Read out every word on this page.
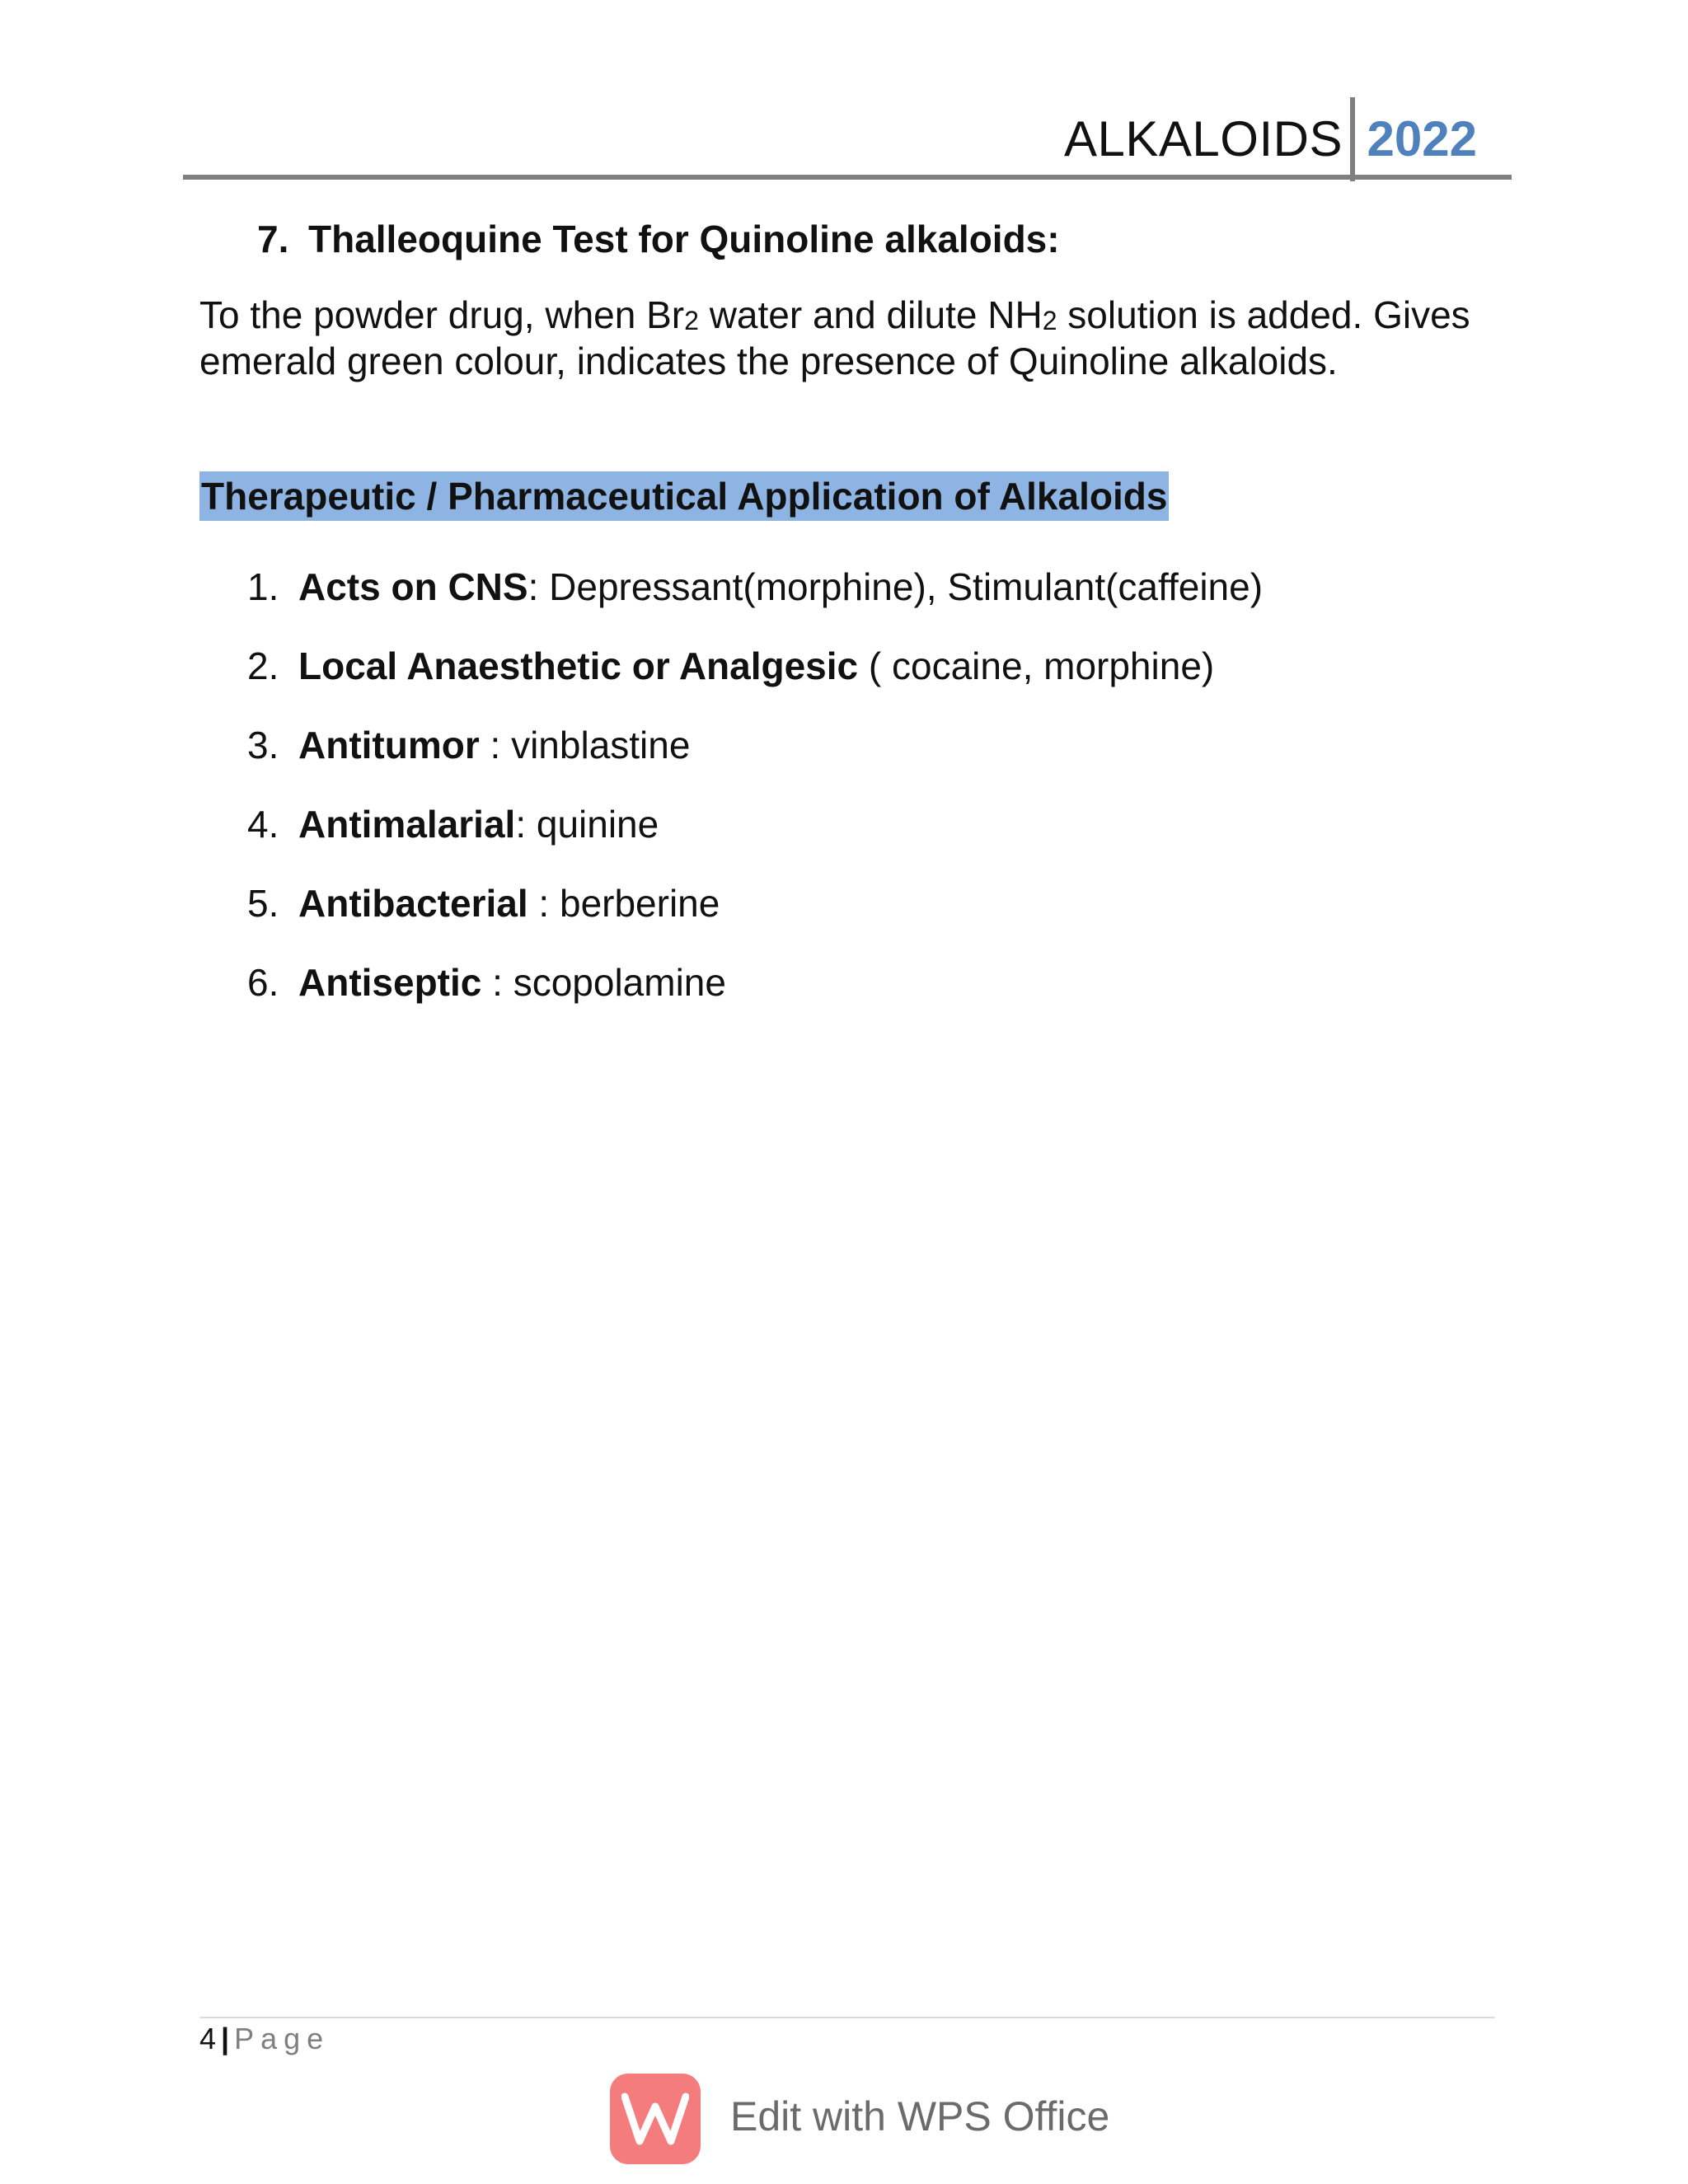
ALKALOIDS 2022
7. Thalleoquine Test for Quinoline alkaloids:
To the powder drug, when $Br_2$ water and dilute $NH_2$ solution is added. Gives emerald green colour, indicates the presence of Quinoline alkaloids.
Therapeutic / Pharmaceutical Application of Alkaloids
1. Acts on CNS: Depressant(morphine), Stimulant(caffeine)
2. Local Anaesthetic or Analgesic ( cocaine, morphine)
3. Antitumor : vinblastine
4. Antimalarial: quinine
5. Antibacterial : berberine
6. Antiseptic : scopolamine
4 | Page
Edit with WPS Office
